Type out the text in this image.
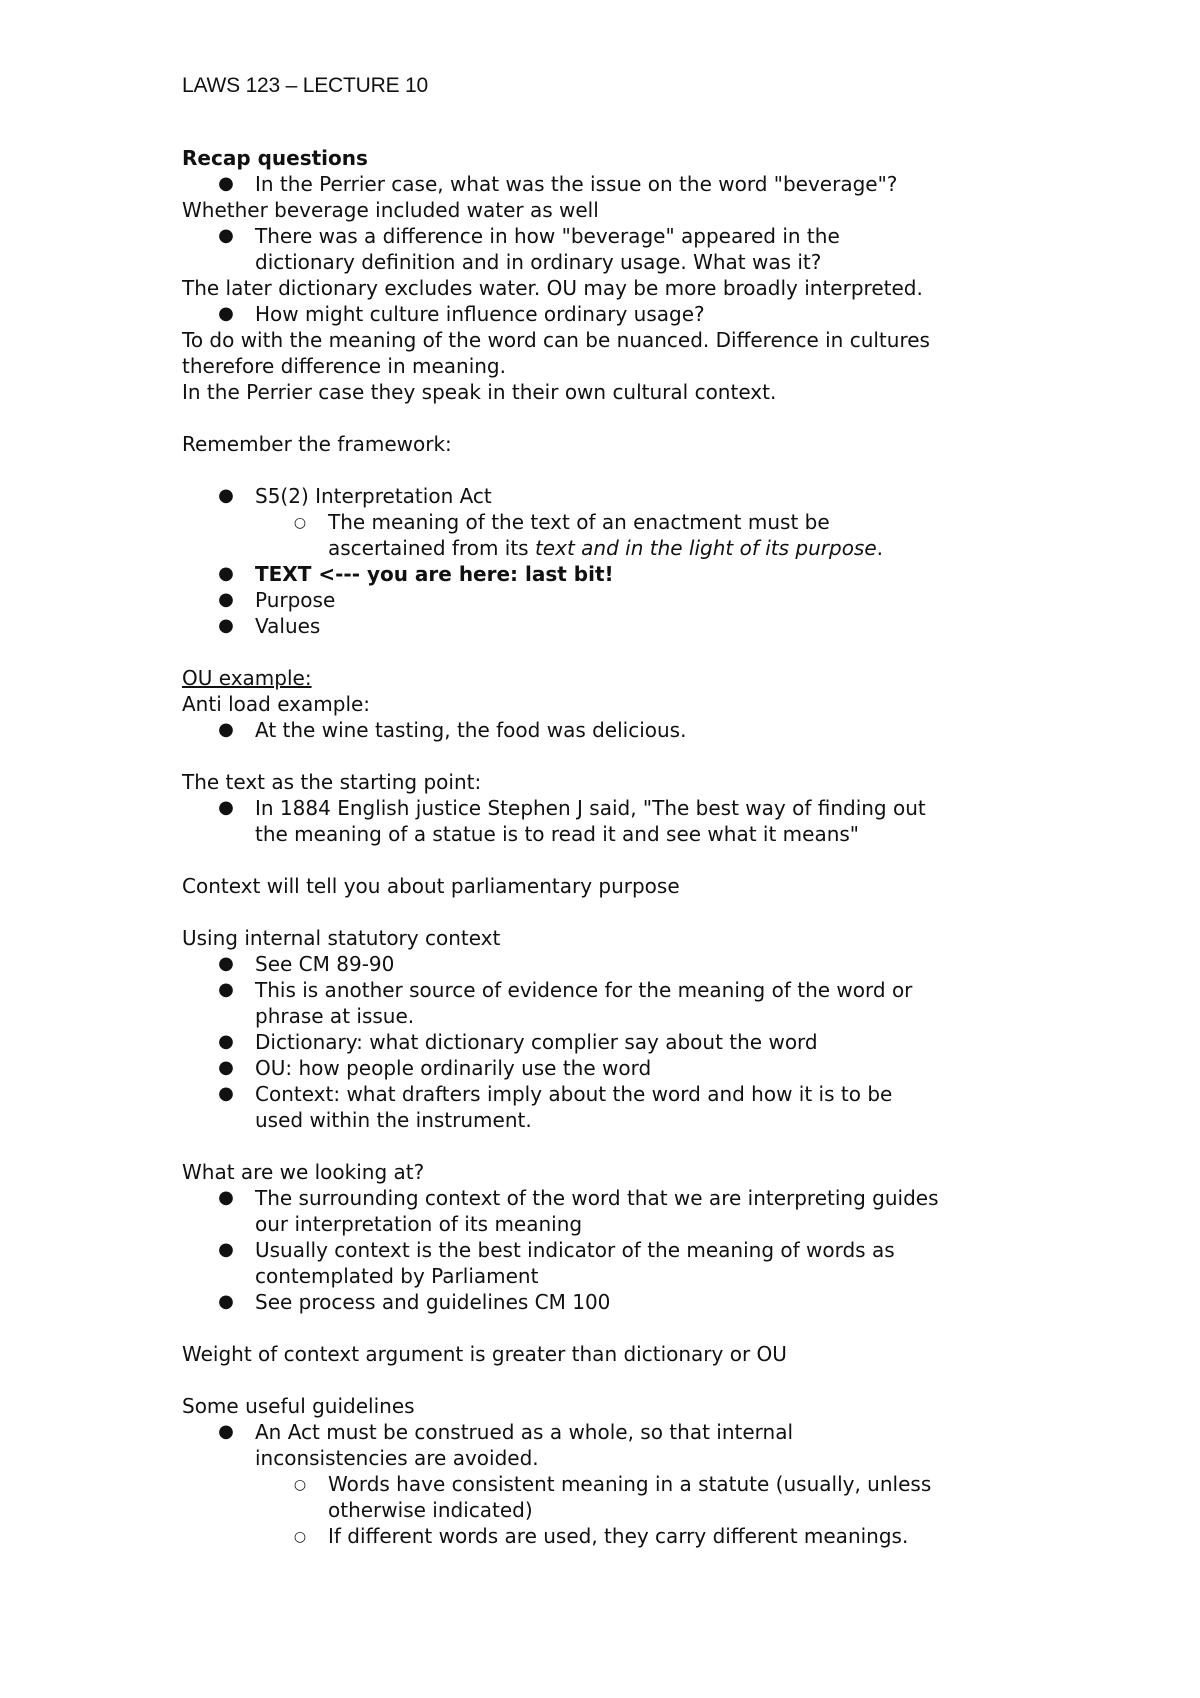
LAWS 123 – LECTURE 10
Recap questions
● In the Perrier case, what was the issue on the word "beverage"?
Whether beverage included water as well
● There was a difference in how "beverage" appeared in the
dictionary definition and in ordinary usage. What was it?
The later dictionary excludes water. OU may be more broadly interpreted.
● How might culture influence ordinary usage?
To do with the meaning of the word can be nuanced. Difference in cultures
therefore difference in meaning.
In the Perrier case they speak in their own cultural context.
Remember the framework:
● S5(2) Interpretation Act
○ The meaning of the text of an enactment must be
ascertained from its text and in the light of its purpose.
● TEXT <--- you are here: last bit!
● Purpose
● Values
OU example:
Anti load example:
● At the wine tasting, the food was delicious.
The text as the starting point:
● In 1884 English justice Stephen J said, "The best way of finding out
the meaning of a statue is to read it and see what it means"
Context will tell you about parliamentary purpose
Using internal statutory context
● See CM 89-90
● This is another source of evidence for the meaning of the word or
phrase at issue.
● Dictionary: what dictionary complier say about the word
● OU: how people ordinarily use the word
● Context: what drafters imply about the word and how it is to be
used within the instrument.
What are we looking at?
● The surrounding context of the word that we are interpreting guides
our interpretation of its meaning
● Usually context is the best indicator of the meaning of words as
contemplated by Parliament
● See process and guidelines CM 100
Weight of context argument is greater than dictionary or OU
Some useful guidelines
● An Act must be construed as a whole, so that internal
inconsistencies are avoided.
○ Words have consistent meaning in a statute (usually, unless
otherwise indicated)
○ If different words are used, they carry different meanings.
